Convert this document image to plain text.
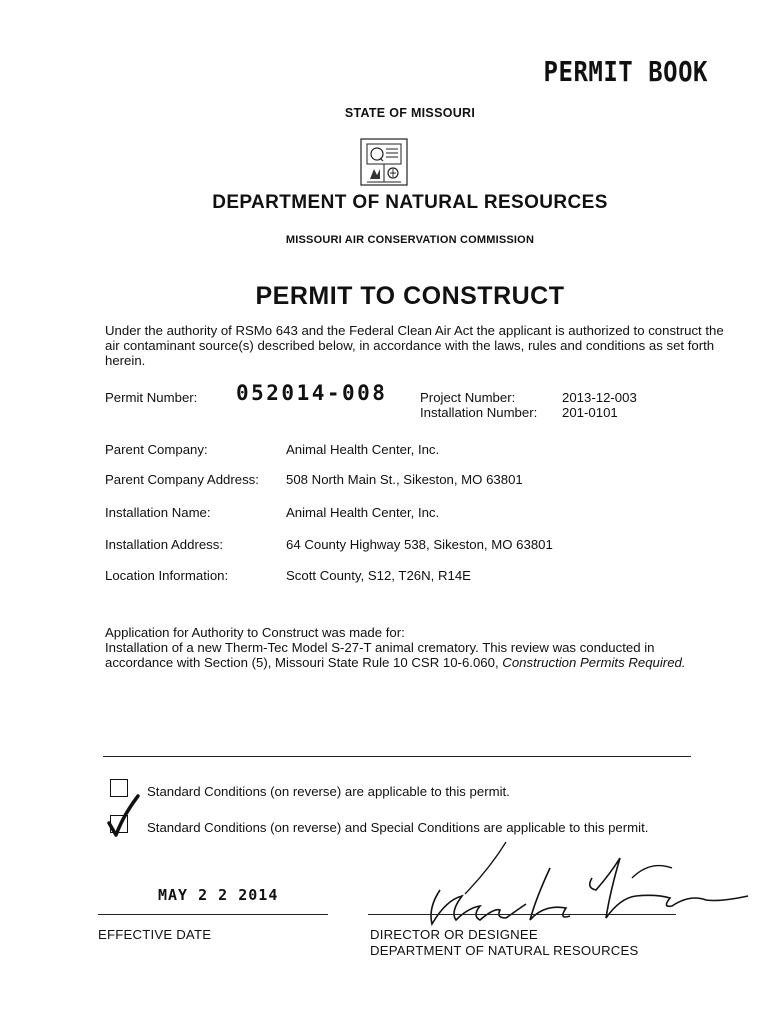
PERMIT BOOK
STATE OF MISSOURI
DEPARTMENT OF NATURAL RESOURCES
MISSOURI AIR CONSERVATION COMMISSION
PERMIT TO CONSTRUCT
Under the authority of RSMo 643 and the Federal Clean Air Act the applicant is authorized to construct the air contaminant source(s) described below, in accordance with the laws, rules and conditions as set forth herein.
Permit Number: 052014-008 Project Number:	2013-12-003
Installation Number:	201-0101
Parent Company:	Animal Health Center, Inc.
Parent Company Address:	508 North Main St., Sikeston, MO 63801
Installation Name:	Animal Health Center, Inc.
Installation Address:	64 County Highway 538, Sikeston, MO 63801
Location Information:	Scott County, S12, T26N, R14E
Application for Authority to Construct was made for:
Installation of a new Therm-Tec Model S-27-T animal crematory. This review was conducted in accordance with Section (5), Missouri State Rule 10 CSR 10-6.060, Construction Permits Required.
Standard Conditions (on reverse) are applicable to this permit.
Standard Conditions (on reverse) and Special Conditions are applicable to this permit.
MAY 2 2 2014
EFFECTIVE DATE	DIRECTOR OR DESIGNEE
DEPARTMENT OF NATURAL RESOURCES
